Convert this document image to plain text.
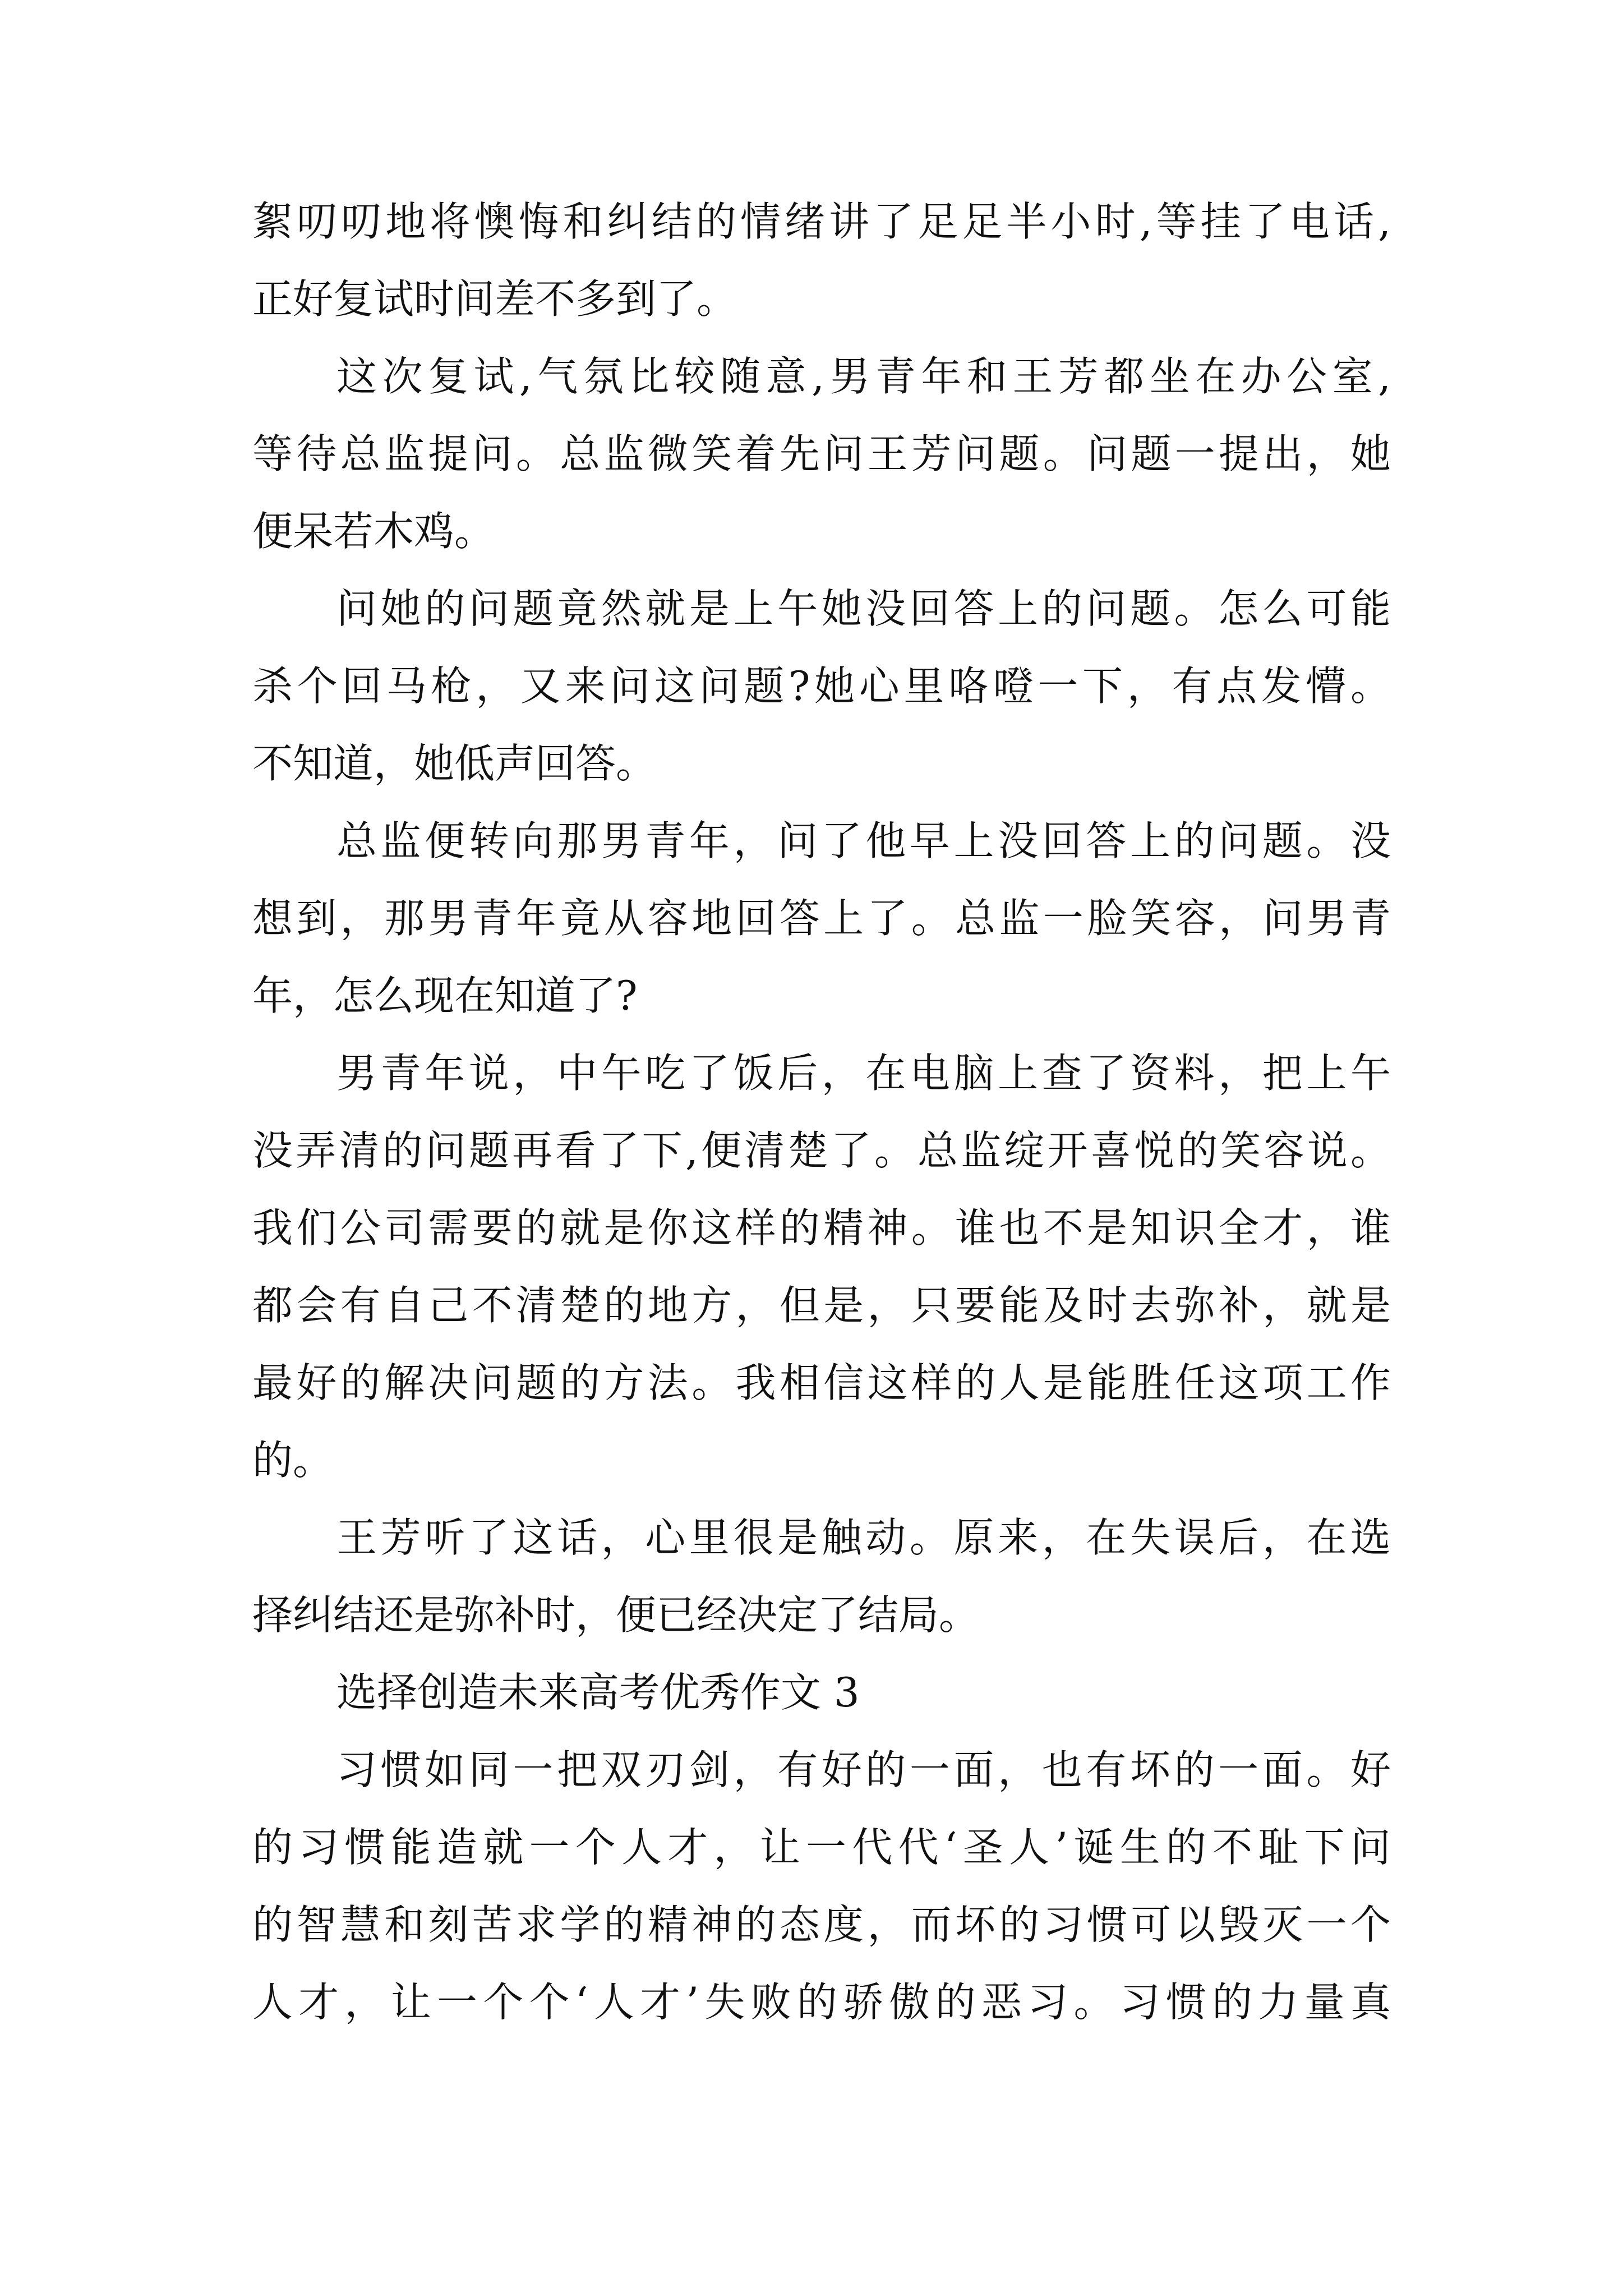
絮叨叨地将懊悔和纠结的情绪讲了足足半小时,等挂了电话,
正好复试时间差不多到了。
这次复试,气氛比较随意,男青年和王芳都坐在办公室,
等待总监提问。总监微笑着先问王芳问题。问题一提出，她
便呆若木鸡。
问她的问题竟然就是上午她没回答上的问题。怎么可能
杀个回马枪，又来问这问题?她心里咯噔一下，有点发懵。
不知道，她低声回答。
总监便转向那男青年，问了他早上没回答上的问题。没
想到，那男青年竟从容地回答上了。总监一脸笑容，问男青
年，怎么现在知道了?
男青年说，中午吃了饭后，在电脑上查了资料，把上午
没弄清的问题再看了下,便清楚了。总监绽开喜悦的笑容说。
我们公司需要的就是你这样的精神。谁也不是知识全才，谁
都会有自己不清楚的地方，但是，只要能及时去弥补，就是
最好的解决问题的方法。我相信这样的人是能胜任这项工作
的。
王芳听了这话，心里很是触动。原来，在失误后，在选
择纠结还是弥补时，便已经决定了结局。
选择创造未来高考优秀作文 3
习惯如同一把双刃剑，有好的一面，也有坏的一面。好
的习惯能造就一个人才，让一代代‘圣人’诞生的不耻下问
的智慧和刻苦求学的精神的态度，而坏的习惯可以毁灭一个
人才，让一个个‘人才’失败的骄傲的恶习。习惯的力量真
